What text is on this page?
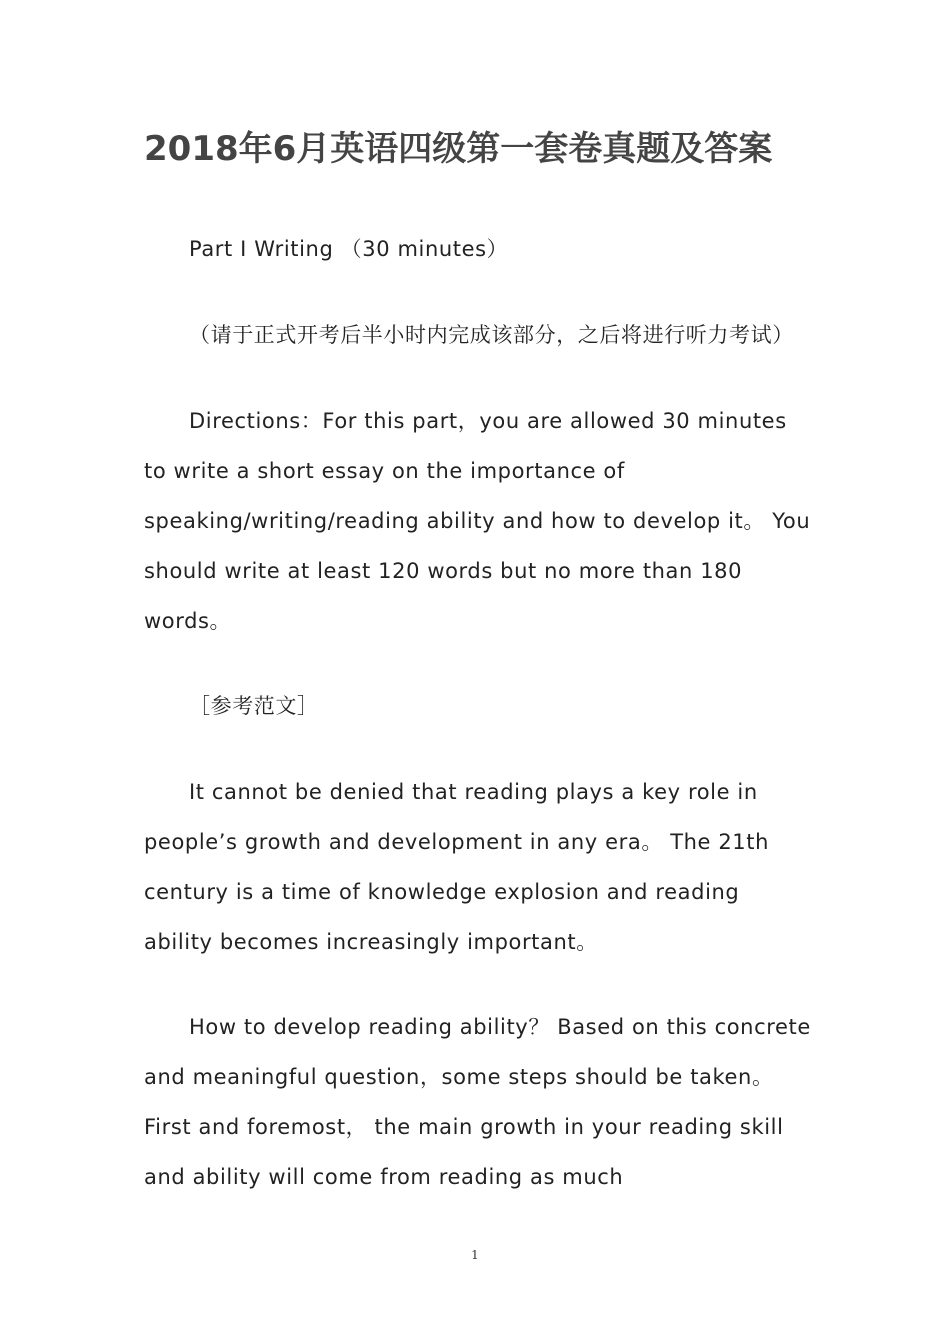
2018年6月英语四级第一套卷真题及答案

Part I Writing （30 minutes）

（请于正式开考后半小时内完成该部分，之后将进行听力考试）

Directions：For this part，you are allowed 30 minutes to write a short essay on the importance of speaking/writing/reading ability and how to develop it。 You should write at least 120 words but no more than 180 words。

［参考范文］

It cannot be denied that reading plays a key role in people’s growth and development in any era。 The 21th century is a time of knowledge explosion and reading ability becomes increasingly important。

How to develop reading ability？ Based on this concrete and meaningful question，some steps should be taken。 First and foremost， the main growth in your reading skill and ability will come from reading as much

1
